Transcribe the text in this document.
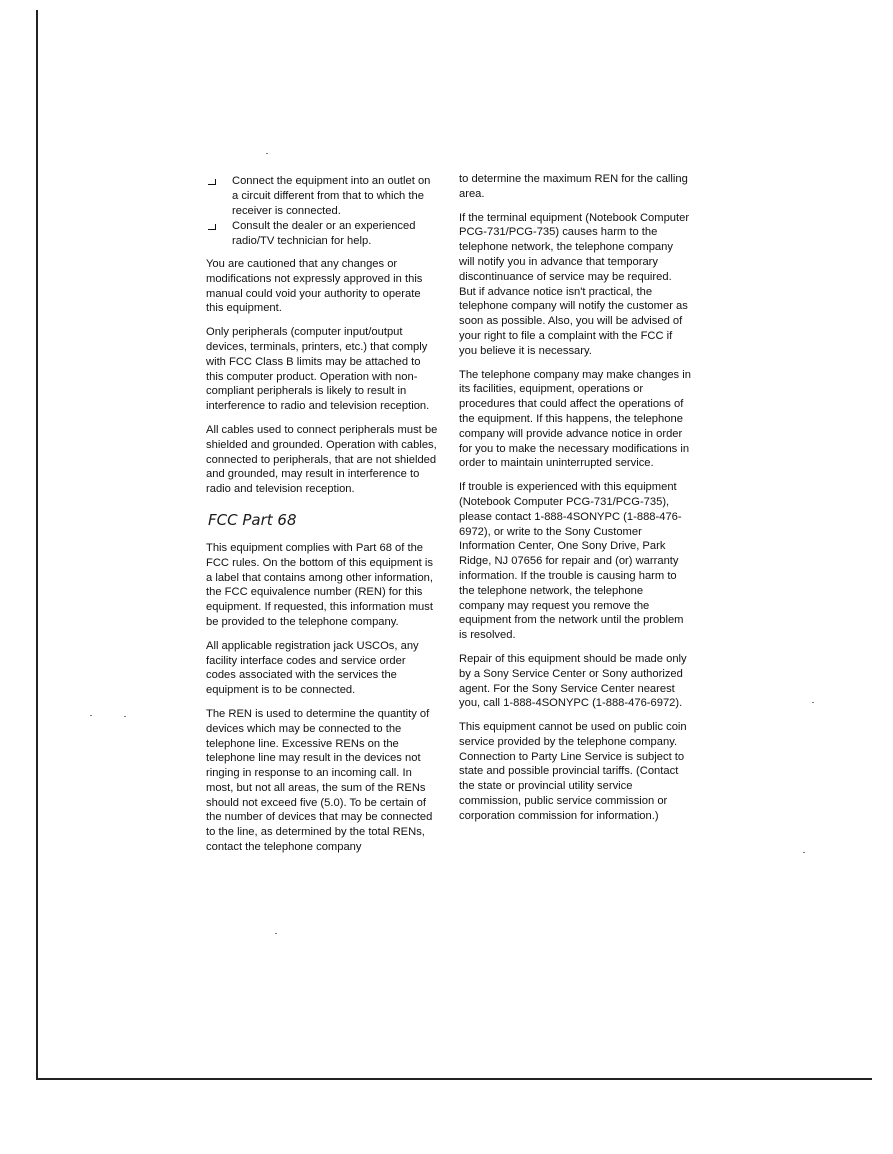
Connect the equipment into an outlet on a circuit different from that to which the receiver is connected.
Consult the dealer or an experienced radio/TV technician for help.

You are cautioned that any changes or modifications not expressly approved in this manual could void your authority to operate this equipment.

Only peripherals (computer input/output devices, terminals, printers, etc.) that comply with FCC Class B limits may be attached to this computer product. Operation with non-compliant peripherals is likely to result in interference to radio and television reception.

All cables used to connect peripherals must be shielded and grounded. Operation with cables, connected to peripherals, that are not shielded and grounded, may result in interference to radio and television reception.

FCC Part 68

This equipment complies with Part 68 of the FCC rules. On the bottom of this equipment is a label that contains among other information, the FCC equivalence number (REN) for this equipment. If requested, this information must be provided to the telephone company.

All applicable registration jack USCOs, any facility interface codes and service order codes associated with the services the equipment is to be connected.

The REN is used to determine the quantity of devices which may be connected to the telephone line. Excessive RENs on the telephone line may result in the devices not ringing in response to an incoming call. In most, but not all areas, the sum of the RENs should not exceed five (5.0). To be certain of the number of devices that may be connected to the line, as determined by the total RENs, contact the telephone company

to determine the maximum REN for the calling area.

If the terminal equipment (Notebook Computer PCG-731/PCG-735) causes harm to the telephone network, the telephone company will notify you in advance that temporary discontinuance of service may be required. But if advance notice isn't practical, the telephone company will notify the customer as soon as possible. Also, you will be advised of your right to file a complaint with the FCC if you believe it is necessary.

The telephone company may make changes in its facilities, equipment, operations or procedures that could affect the operations of the equipment. If this happens, the telephone company will provide advance notice in order for you to make the necessary modifications in order to maintain uninterrupted service.

If trouble is experienced with this equipment (Notebook Computer PCG-731/PCG-735), please contact 1-888-4SONYPC (1-888-476-6972), or write to the Sony Customer Information Center, One Sony Drive, Park Ridge, NJ 07656 for repair and (or) warranty information. If the trouble is causing harm to the telephone network, the telephone company may request you remove the equipment from the network until the problem is resolved.

Repair of this equipment should be made only by a Sony Service Center or Sony authorized agent. For the Sony Service Center nearest you, call 1-888-4SONYPC (1-888-476-6972).

This equipment cannot be used on public coin service provided by the telephone company. Connection to Party Line Service is subject to state and possible provincial tariffs. (Contact the state or provincial utility service commission, public service commission or corporation commission for information.)
